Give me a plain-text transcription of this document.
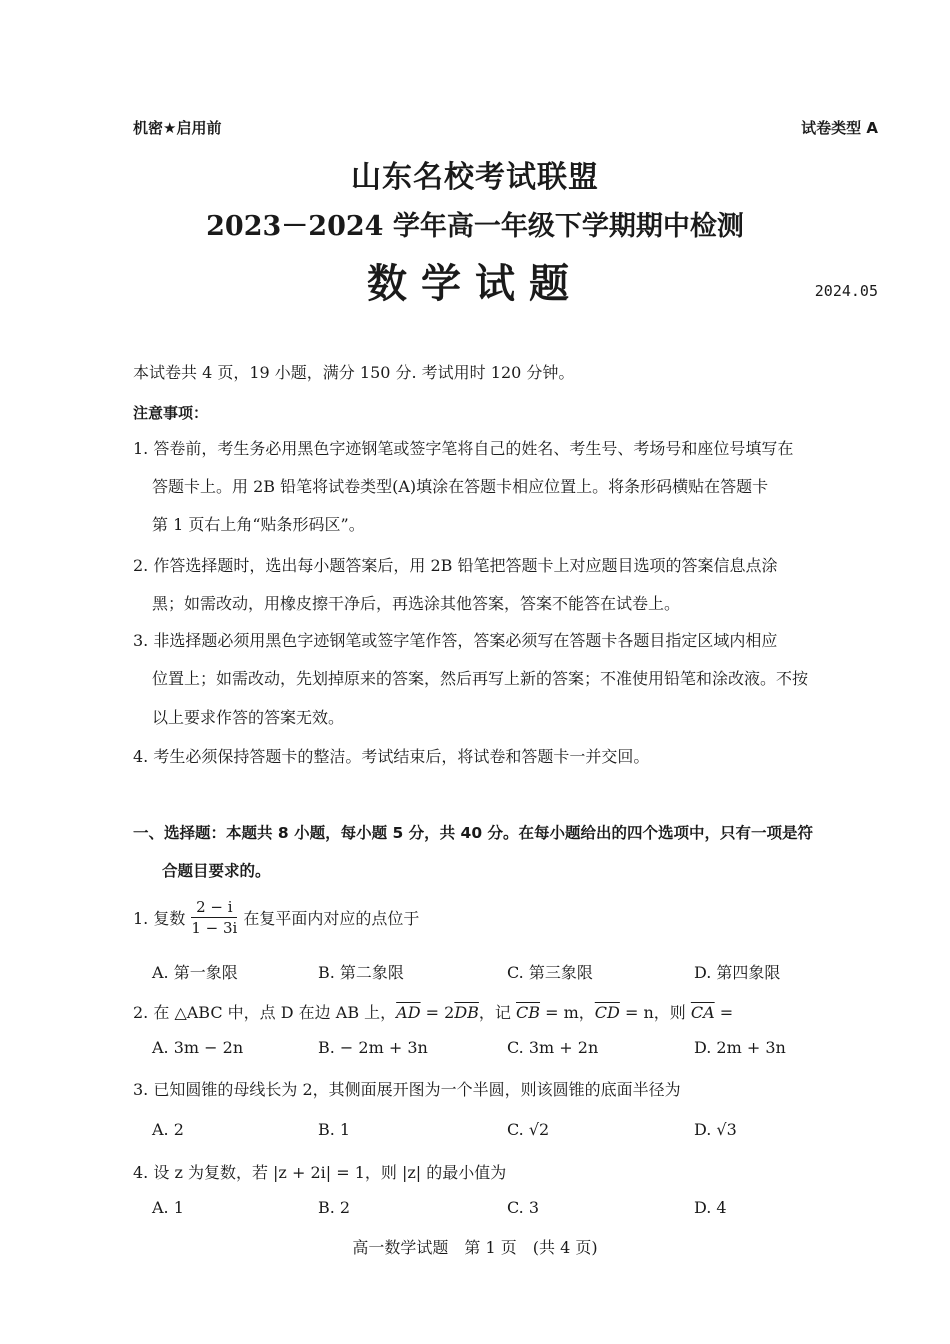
机密★启用前	试卷类型 A
山东名校考试联盟
2023－2024 学年高一年级下学期期中检测
数学试题	2024.05
本试卷共 4 页，19 小题，满分 150 分. 考试用时 120 分钟。
注意事项：
1. 答卷前，考生务必用黑色字迹钢笔或签字笔将自己的姓名、考生号、考场号和座位号填写在
答题卡上。用 2B 铅笔将试卷类型(A)填涂在答题卡相应位置上。将条形码横贴在答题卡
第 1 页右上角“贴条形码区”。
2. 作答选择题时，选出每小题答案后，用 2B 铅笔把答题卡上对应题目选项的答案信息点涂
黑；如需改动，用橡皮擦干净后，再选涂其他答案，答案不能答在试卷上。
3. 非选择题必须用黑色字迹钢笔或签字笔作答，答案必须写在答题卡各题目指定区域内相应
位置上；如需改动，先划掉原来的答案，然后再写上新的答案；不准使用铅笔和涂改液。不按
以上要求作答的答案无效。
4. 考生必须保持答题卡的整洁。考试结束后，将试卷和答题卡一并交回。
一、选择题：本题共 8 小题，每小题 5 分，共 40 分。在每小题给出的四个选项中，只有一项是符
合题目要求的。
1. 复数 $\frac{2 - i}{1 - 3i}$ 在复平面内对应的点位于
A. 第一象限	B. 第二象限	C. 第三象限	D. 第四象限
2. 在 △ABC 中，点 D 在边 AB 上，$\overline{AD} = 2\overline{DB}$，记 $\overline{CB} = m$，$\overline{CD} = n$，则 $\overline{CA}$ =
A. 3m − 2n	B. − 2m + 3n	C. 3m + 2n	D. 2m + 3n
3. 已知圆锥的母线长为 2，其侧面展开图为一个半圆，则该圆锥的底面半径为
A. 2	B. 1	C. √2	D. √3
4. 设 z 为复数，若 |z + 2i| = 1，则 |z| 的最小值为
A. 1	B. 2	C. 3	D. 4
高一数学试题　第 1 页　(共 4 页)
